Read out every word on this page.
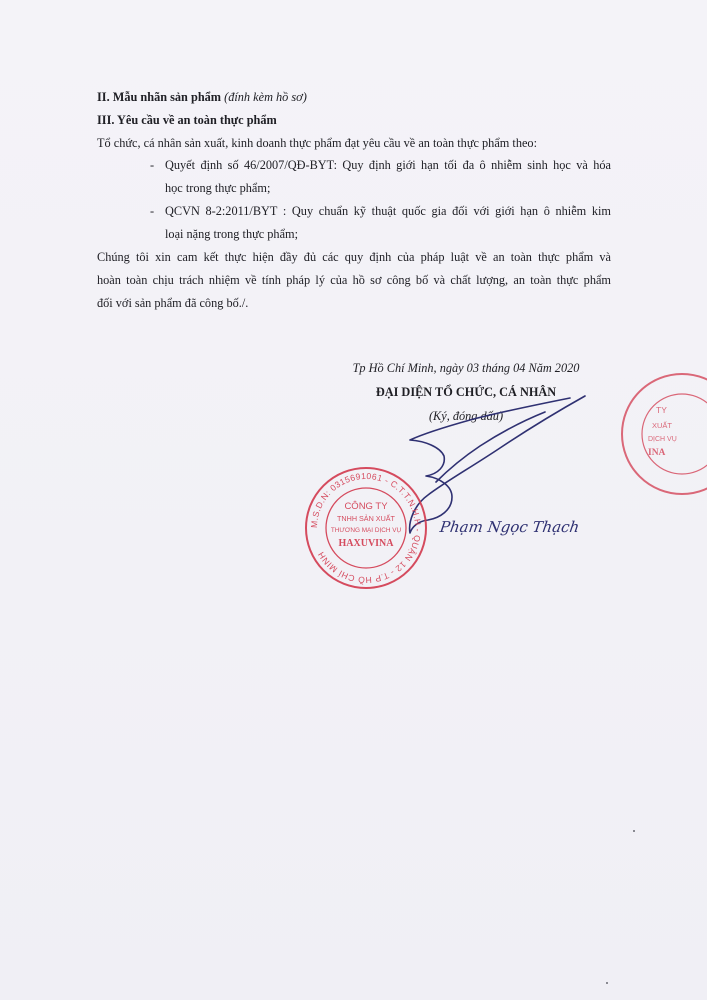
II. Mẫu nhãn sản phẩm (đính kèm hồ sơ)
III. Yêu cầu về an toàn thực phẩm
Tổ chức, cá nhân sản xuất, kinh doanh thực phẩm đạt yêu cầu về an toàn thực phẩm theo:
- Quyết định số 46/2007/QĐ-BYT: Quy định giới hạn tối đa ô nhiễm sinh học và hóa
học trong thực phẩm;
- QCVN 8-2:2011/BYT : Quy chuẩn kỹ thuật quốc gia đối với giới hạn ô nhiễm kim
loại nặng trong thực phẩm;
Chúng tôi xin cam kết thực hiện đầy đủ các quy định của pháp luật về an toàn thực phẩm và
hoàn toàn chịu trách nhiệm về tính pháp lý của hồ sơ công bố và chất lượng, an toàn thực phẩm
đối với sản phẩm đã công bố./.
Tp Hồ Chí Minh, ngày 03 tháng 04 Năm 2020
ĐẠI DIỆN TỔ CHỨC, CÁ NHÂN
(Ký, đóng dấu)
M.S.D.N: 0315691061 - C.T.T.N.H.H - QUẬN 12 - T.P HỒ CHÍ MINH
CÔNG TY
TNHH SẢN XUẤT
THƯƠNG MẠI DỊCH VỤ
HAXUVINA
TY
XUẤT
DỊCH VỤ
INA
Phạm Ngọc Thạch
